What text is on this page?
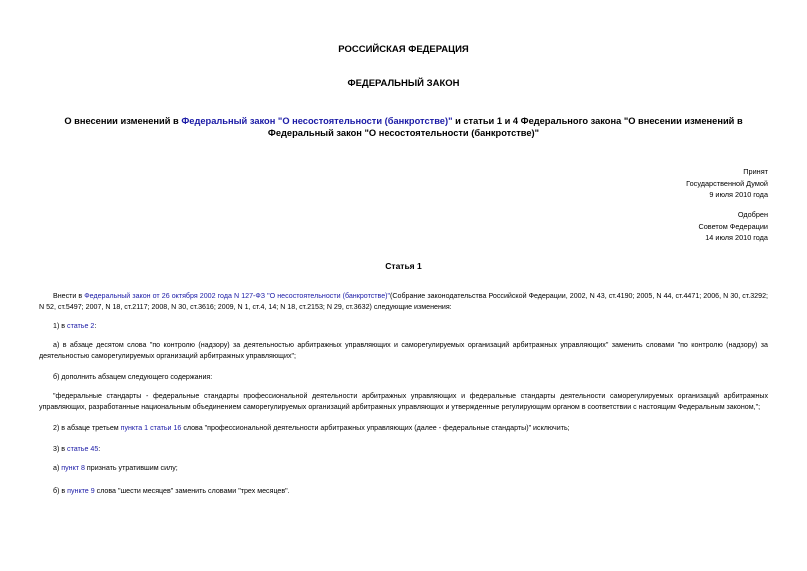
РОССИЙСКАЯ ФЕДЕРАЦИЯ
ФЕДЕРАЛЬНЫЙ ЗАКОН
О внесении изменений в Федеральный закон "О несостоятельности (банкротстве)" и статьи 1 и 4 Федерального закона "О внесении изменений в Федеральный закон "О несостоятельности (банкротстве)"
Принят
Государственной Думой
9 июля 2010 года
Одобрен
Советом Федерации
14 июля 2010 года
Статья 1
Внести в Федеральный закон от 26 октября 2002 года N 127-ФЗ "О несостоятельности (банкротстве)"(Собрание законодательства Российской Федерации, 2002, N 43, ст.4190; 2005, N 44, ст.4471; 2006, N 30, ст.3292; N 52, ст.5497; 2007, N 18, ст.2117; 2008, N 30, ст.3616; 2009, N 1, ст.4, 14; N 18, ст.2153; N 29, ст.3632) следующие изменения:
1) в статье 2:
а) в абзаце десятом слова "по контролю (надзору) за деятельностью арбитражных управляющих и саморегулируемых организаций арбитражных управляющих" заменить словами "по контролю (надзору) за деятельностью саморегулируемых организаций арбитражных управляющих";
б) дополнить абзацем следующего содержания:
"федеральные стандарты - федеральные стандарты профессиональной деятельности арбитражных управляющих и федеральные стандарты деятельности саморегулируемых организаций арбитражных управляющих, разработанные национальным объединением саморегулируемых организаций арбитражных управляющих и утвержденные регулирующим органом в соответствии с настоящим Федеральным законом,";
2) в абзаце третьем пункта 1 статьи 16 слова "профессиональной деятельности арбитражных управляющих (далее - федеральные стандарты)" исключить;
3) в статье 45:
а) пункт 8 признать утратившим силу;
б) в пункте 9 слова "шести месяцев" заменить словами "трех месяцев".
